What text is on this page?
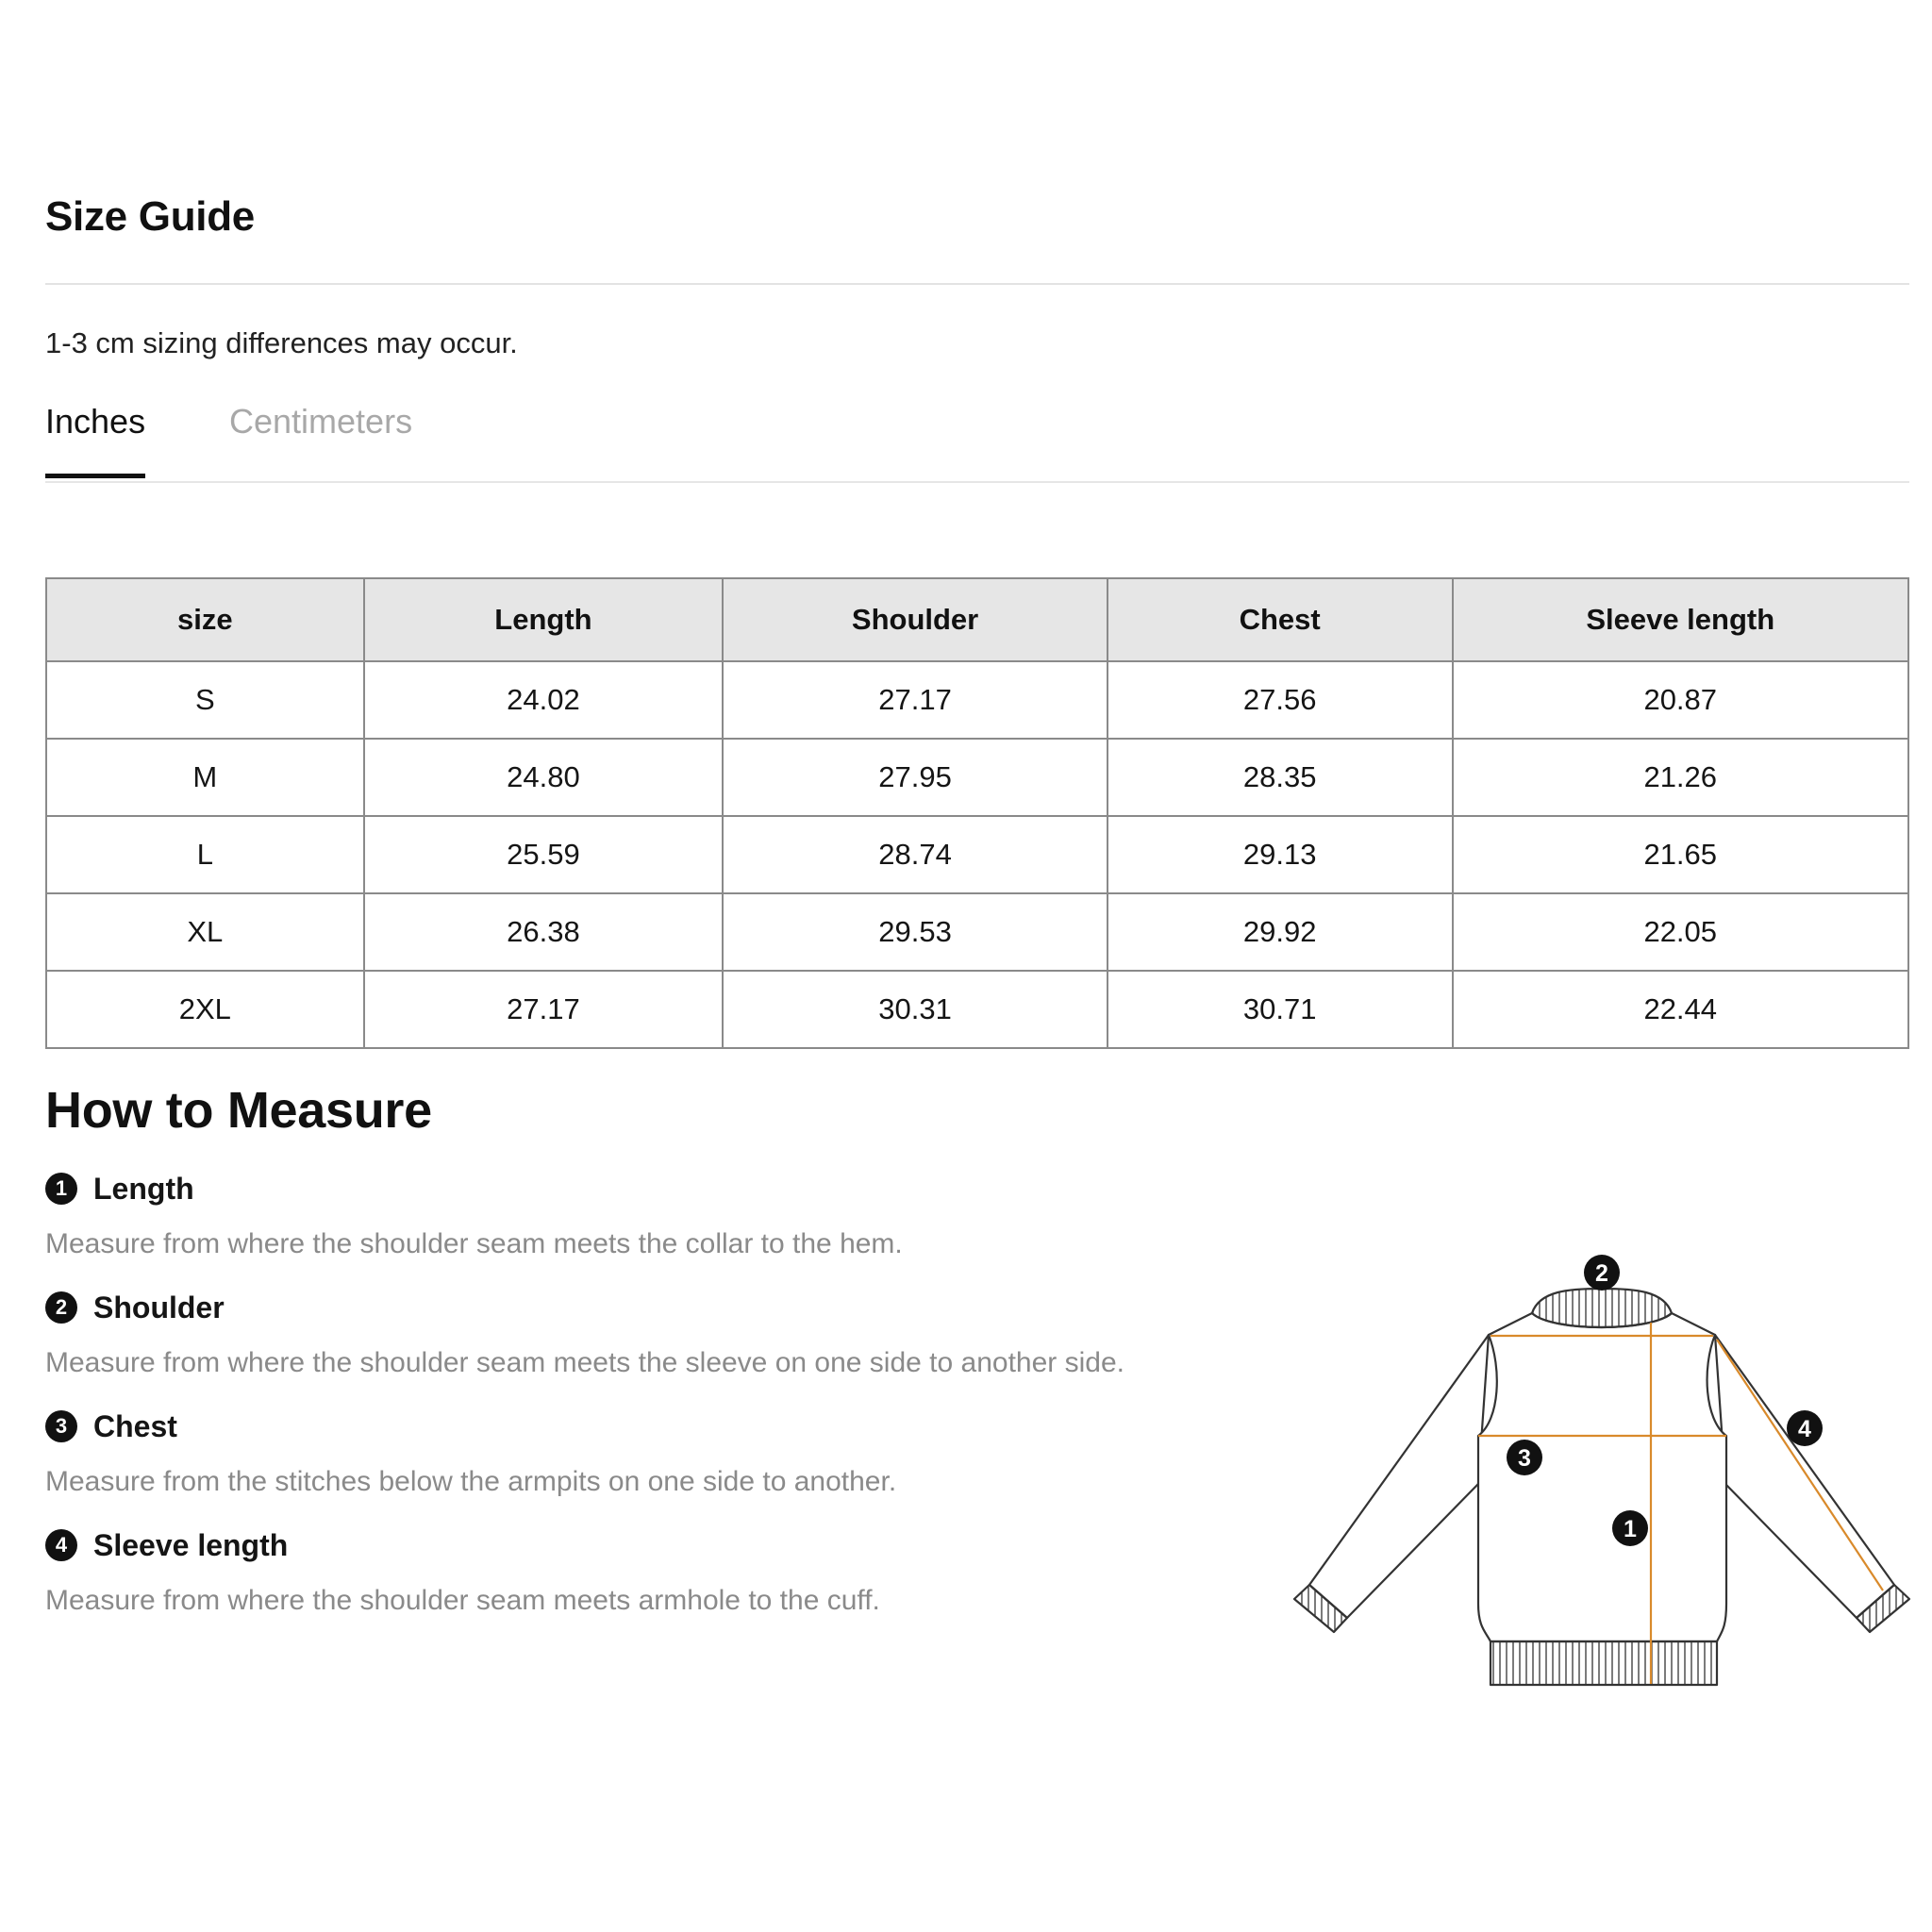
Size Guide
1-3 cm sizing differences may occur.
Inches Centimeters
size	Length	Shoulder	Chest	Sleeve length
S	24.02	27.17	27.56	20.87
M	24.80	27.95	28.35	21.26
L	25.59	28.74	29.13	21.65
XL	26.38	29.53	29.92	22.05
2XL	27.17	30.31	30.71	22.44
How to Measure
1 Length
Measure from where the shoulder seam meets the collar to the hem.
2 Shoulder
Measure from where the shoulder seam meets the sleeve on one side to another side.
3 Chest
Measure from the stitches below the armpits on one side to another.
4 Sleeve length
Measure from where the shoulder seam meets armhole to the cuff.
1
2
3
4
